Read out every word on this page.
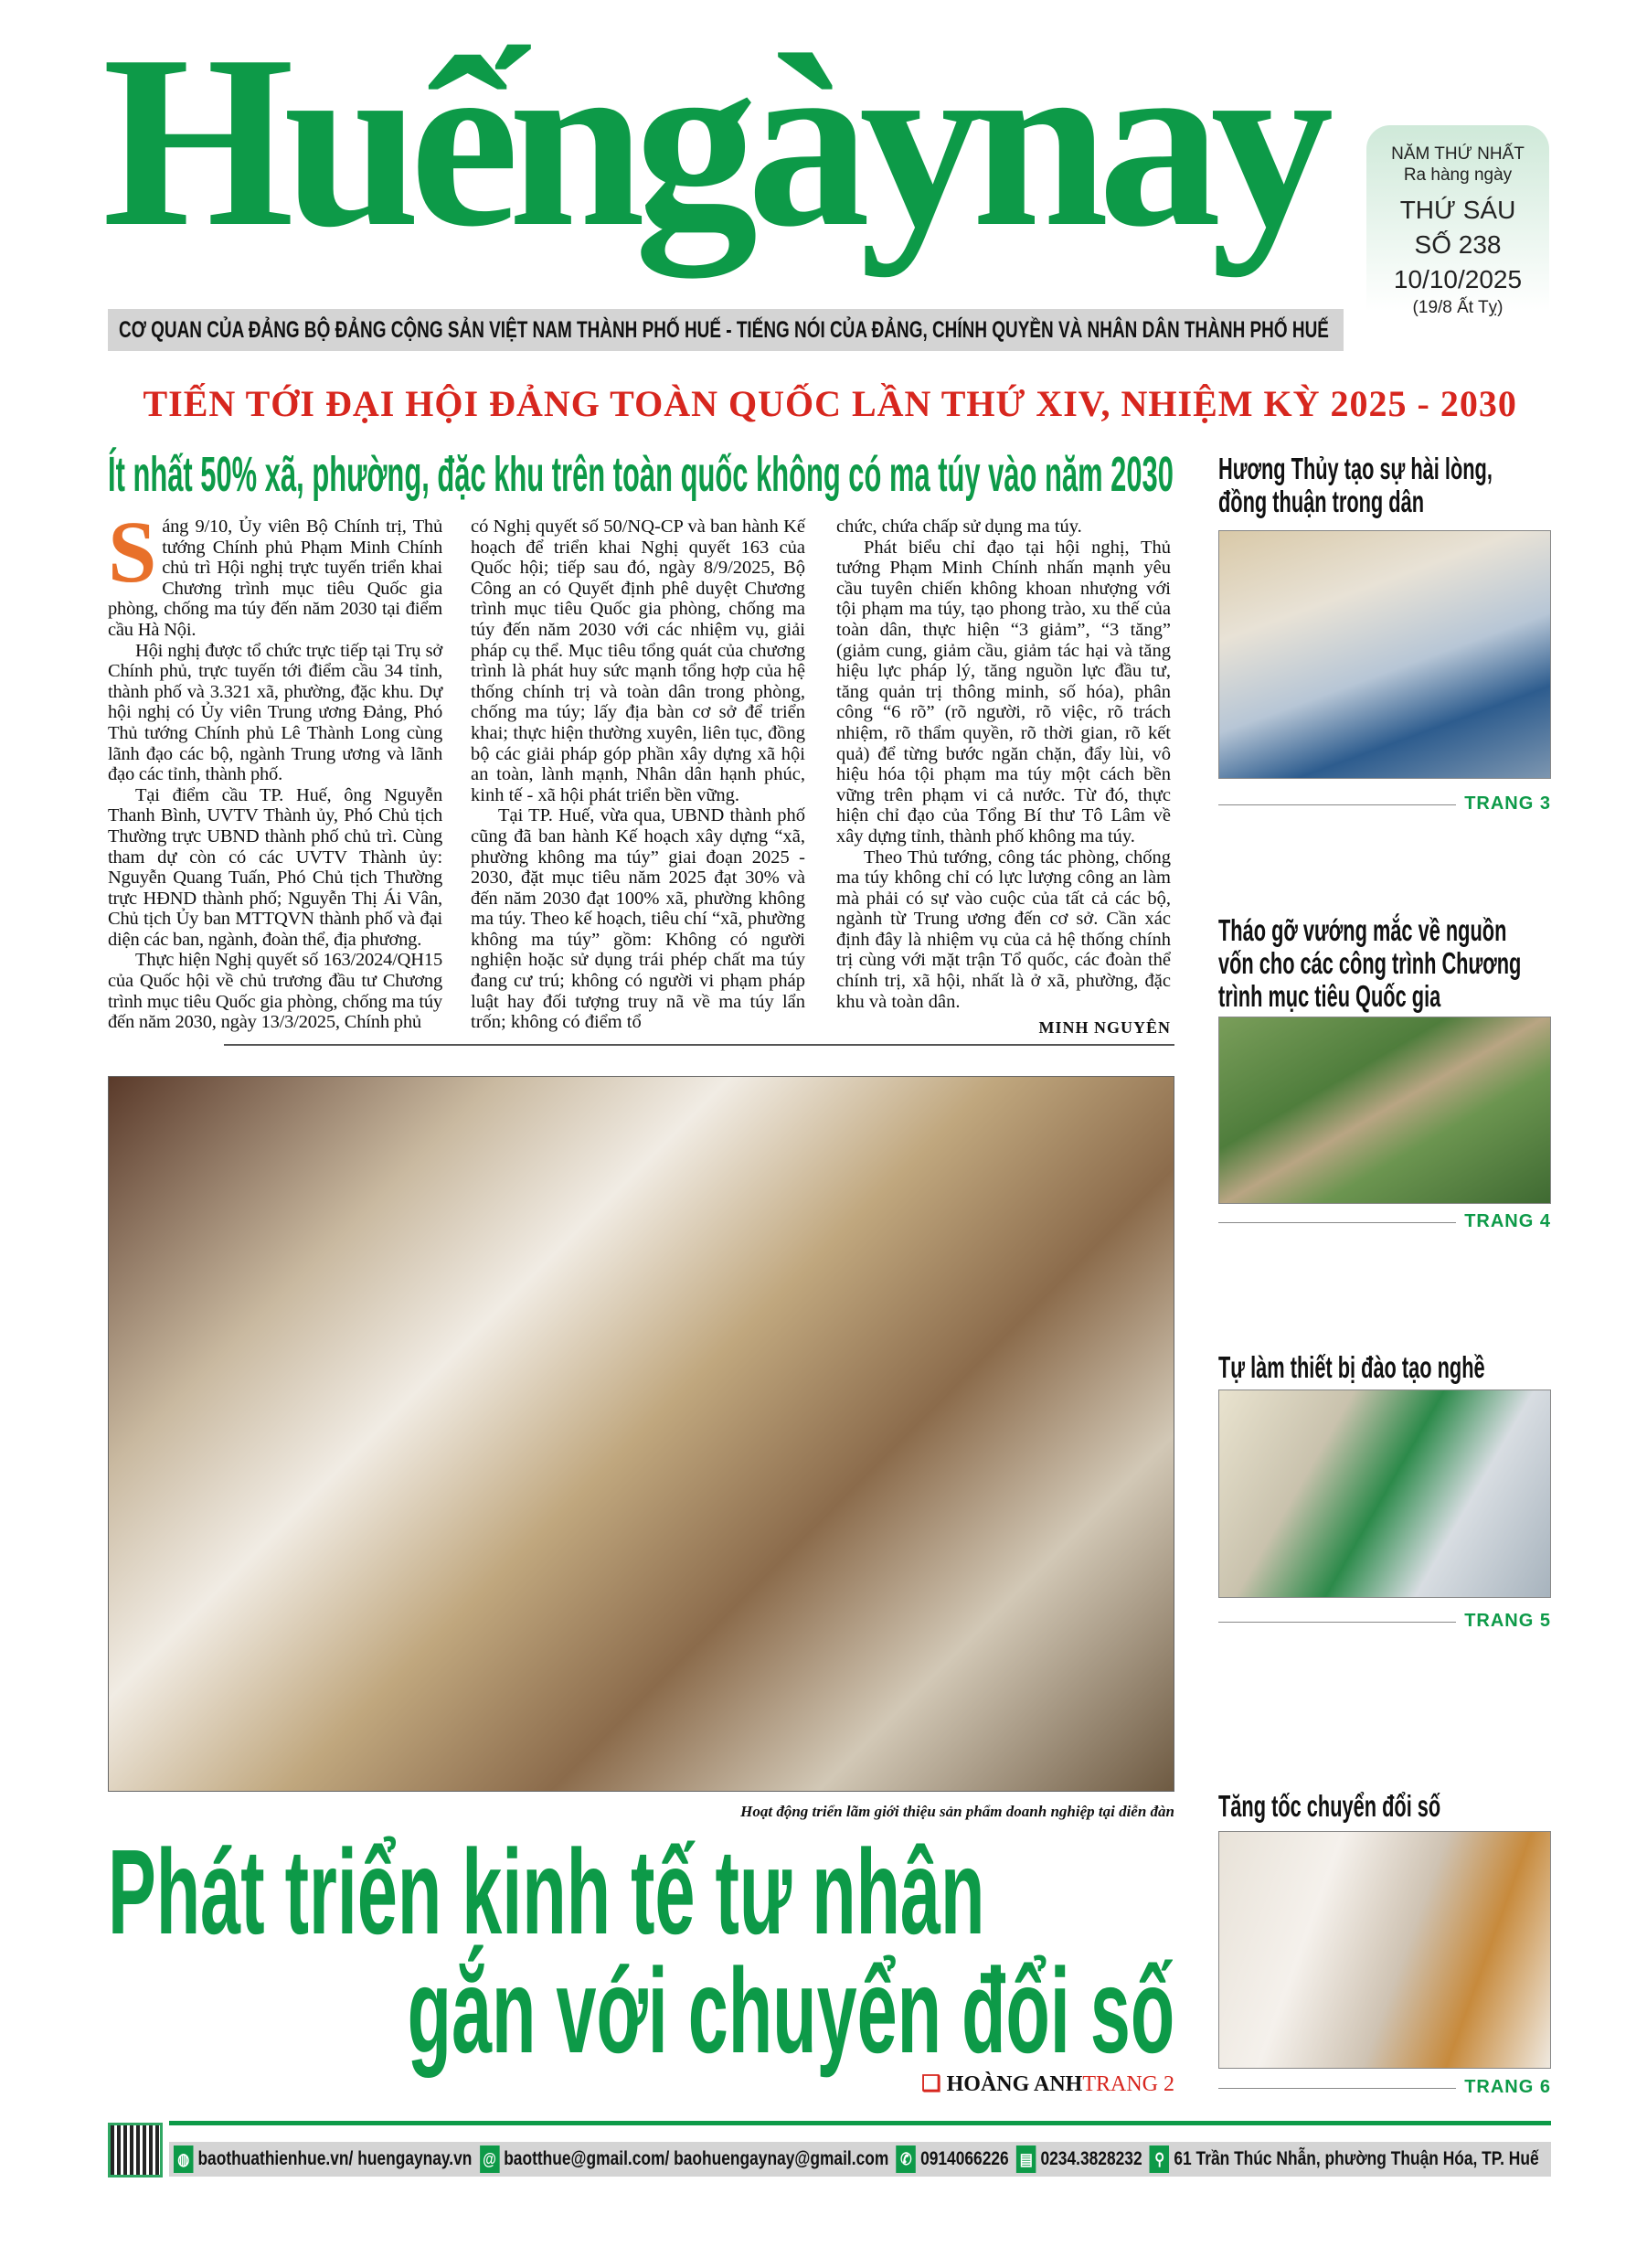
Huếngàynay
CƠ QUAN CỦA ĐẢNG BỘ ĐẢNG CỘNG SẢN VIỆT NAM THÀNH PHỐ HUẾ - TIẾNG NÓI CỦA ĐẢNG, CHÍNH QUYỀN VÀ NHÂN DÂN THÀNH PHỐ HUẾ
NĂM THỨ NHẤT
Ra hàng ngày
THỨ SÁU
SỐ 238
10/10/2025
(19/8 Ất Tỵ)
TIẾN TỚI ĐẠI HỘI ĐẢNG TOÀN QUỐC LẦN THỨ XIV, NHIỆM KỲ 2025 - 2030
Ít nhất 50% xã, phường, đặc khu trên toàn quốc không có ma túy vào năm 2030

Sáng 9/10, Ủy viên Bộ Chính trị, Thủ tướng Chính phủ Phạm Minh Chính chủ trì Hội nghị trực tuyến triển khai Chương trình mục tiêu Quốc gia phòng, chống ma túy đến năm 2030 tại điểm cầu Hà Nội.

Hội nghị được tổ chức trực tiếp tại Trụ sở Chính phủ, trực tuyến tới điểm cầu 34 tỉnh, thành phố và 3.321 xã, phường, đặc khu. Dự hội nghị có Ủy viên Trung ương Đảng, Phó Thủ tướng Chính phủ Lê Thành Long cùng lãnh đạo các bộ, ngành Trung ương và lãnh đạo các tỉnh, thành phố.

Tại điểm cầu TP. Huế, ông Nguyễn Thanh Bình, UVTV Thành ủy, Phó Chủ tịch Thường trực UBND thành phố chủ trì. Cùng tham dự còn có các UVTV Thành ủy: Nguyễn Quang Tuấn, Phó Chủ tịch Thường trực HĐND thành phố; Nguyễn Thị Ái Vân, Chủ tịch Ủy ban MTTQVN thành phố và đại diện các ban, ngành, đoàn thể, địa phương.

Thực hiện Nghị quyết số 163/2024/QH15 của Quốc hội về chủ trương đầu tư Chương trình mục tiêu Quốc gia phòng, chống ma túy đến năm 2030, ngày 13/3/2025, Chính phủ

có Nghị quyết số 50/NQ-CP và ban hành Kế hoạch để triển khai Nghị quyết 163 của Quốc hội; tiếp sau đó, ngày 8/9/2025, Bộ Công an có Quyết định phê duyệt Chương trình mục tiêu Quốc gia phòng, chống ma túy đến năm 2030 với các nhiệm vụ, giải pháp cụ thể. Mục tiêu tổng quát của chương trình là phát huy sức mạnh tổng hợp của hệ thống chính trị và toàn dân trong phòng, chống ma túy; lấy địa bàn cơ sở để triển khai; thực hiện thường xuyên, liên tục, đồng bộ các giải pháp góp phần xây dựng xã hội an toàn, lành mạnh, Nhân dân hạnh phúc, kinh tế - xã hội phát triển bền vững.

Tại TP. Huế, vừa qua, UBND thành phố cũng đã ban hành Kế hoạch xây dựng “xã, phường không ma túy” giai đoạn 2025 - 2030, đặt mục tiêu năm 2025 đạt 30% và đến năm 2030 đạt 100% xã, phường không ma túy. Theo kế hoạch, tiêu chí “xã, phường không ma túy” gồm: Không có người nghiện hoặc sử dụng trái phép chất ma túy đang cư trú; không có người vi phạm pháp luật hay đối tượng truy nã về ma túy lẩn trốn; không có điểm tổ

chức, chứa chấp sử dụng ma túy.

Phát biểu chỉ đạo tại hội nghị, Thủ tướng Phạm Minh Chính nhấn mạnh yêu cầu tuyên chiến không khoan nhượng với tội phạm ma túy, tạo phong trào, xu thế của toàn dân, thực hiện “3 giảm”, “3 tăng” (giảm cung, giảm cầu, giảm tác hại và tăng hiệu lực pháp lý, tăng nguồn lực đầu tư, tăng quản trị thông minh, số hóa), phân công “6 rõ” (rõ người, rõ việc, rõ trách nhiệm, rõ thẩm quyền, rõ thời gian, rõ kết quả) để từng bước ngăn chặn, đẩy lùi, vô hiệu hóa tội phạm ma túy một cách bền vững trên phạm vi cả nước. Từ đó, thực hiện chỉ đạo của Tổng Bí thư Tô Lâm về xây dựng tỉnh, thành phố không ma túy.

Theo Thủ tướng, công tác phòng, chống ma túy không chỉ có lực lượng công an làm mà phải có sự vào cuộc của tất cả các bộ, ngành từ Trung ương đến cơ sở. Cần xác định đây là nhiệm vụ của cả hệ thống chính trị cùng với mặt trận Tổ quốc, các đoàn thể chính trị, xã hội, nhất là ở xã, phường, đặc khu và toàn dân.

MINH NGUYÊN
Hoạt động triển lãm giới thiệu sản phẩm doanh nghiệp tại diễn đàn
Phát triển kinh tế tư nhân
gắn với chuyển đổi số
❑ HOÀNG ANHTRANG 2
Hương Thủy tạo sự hài lòng, đồng thuận trong dân
TRANG 3
Tháo gỡ vướng mắc về nguồn vốn cho các công trình Chương trình mục tiêu Quốc gia
TRANG 4
Tự làm thiết bị đào tạo nghề
TRANG 5
Tăng tốc chuyển đổi số
TRANG 6
◍ baothuathienhue.vn/ huengaynay.vn @ baotthue@gmail.com/ baohuengaynay@gmail.com ✆ 0914066226 ▤ 0234.3828232 ⚲ 61 Trần Thúc Nhẫn, phường Thuận Hóa, TP. Huế
